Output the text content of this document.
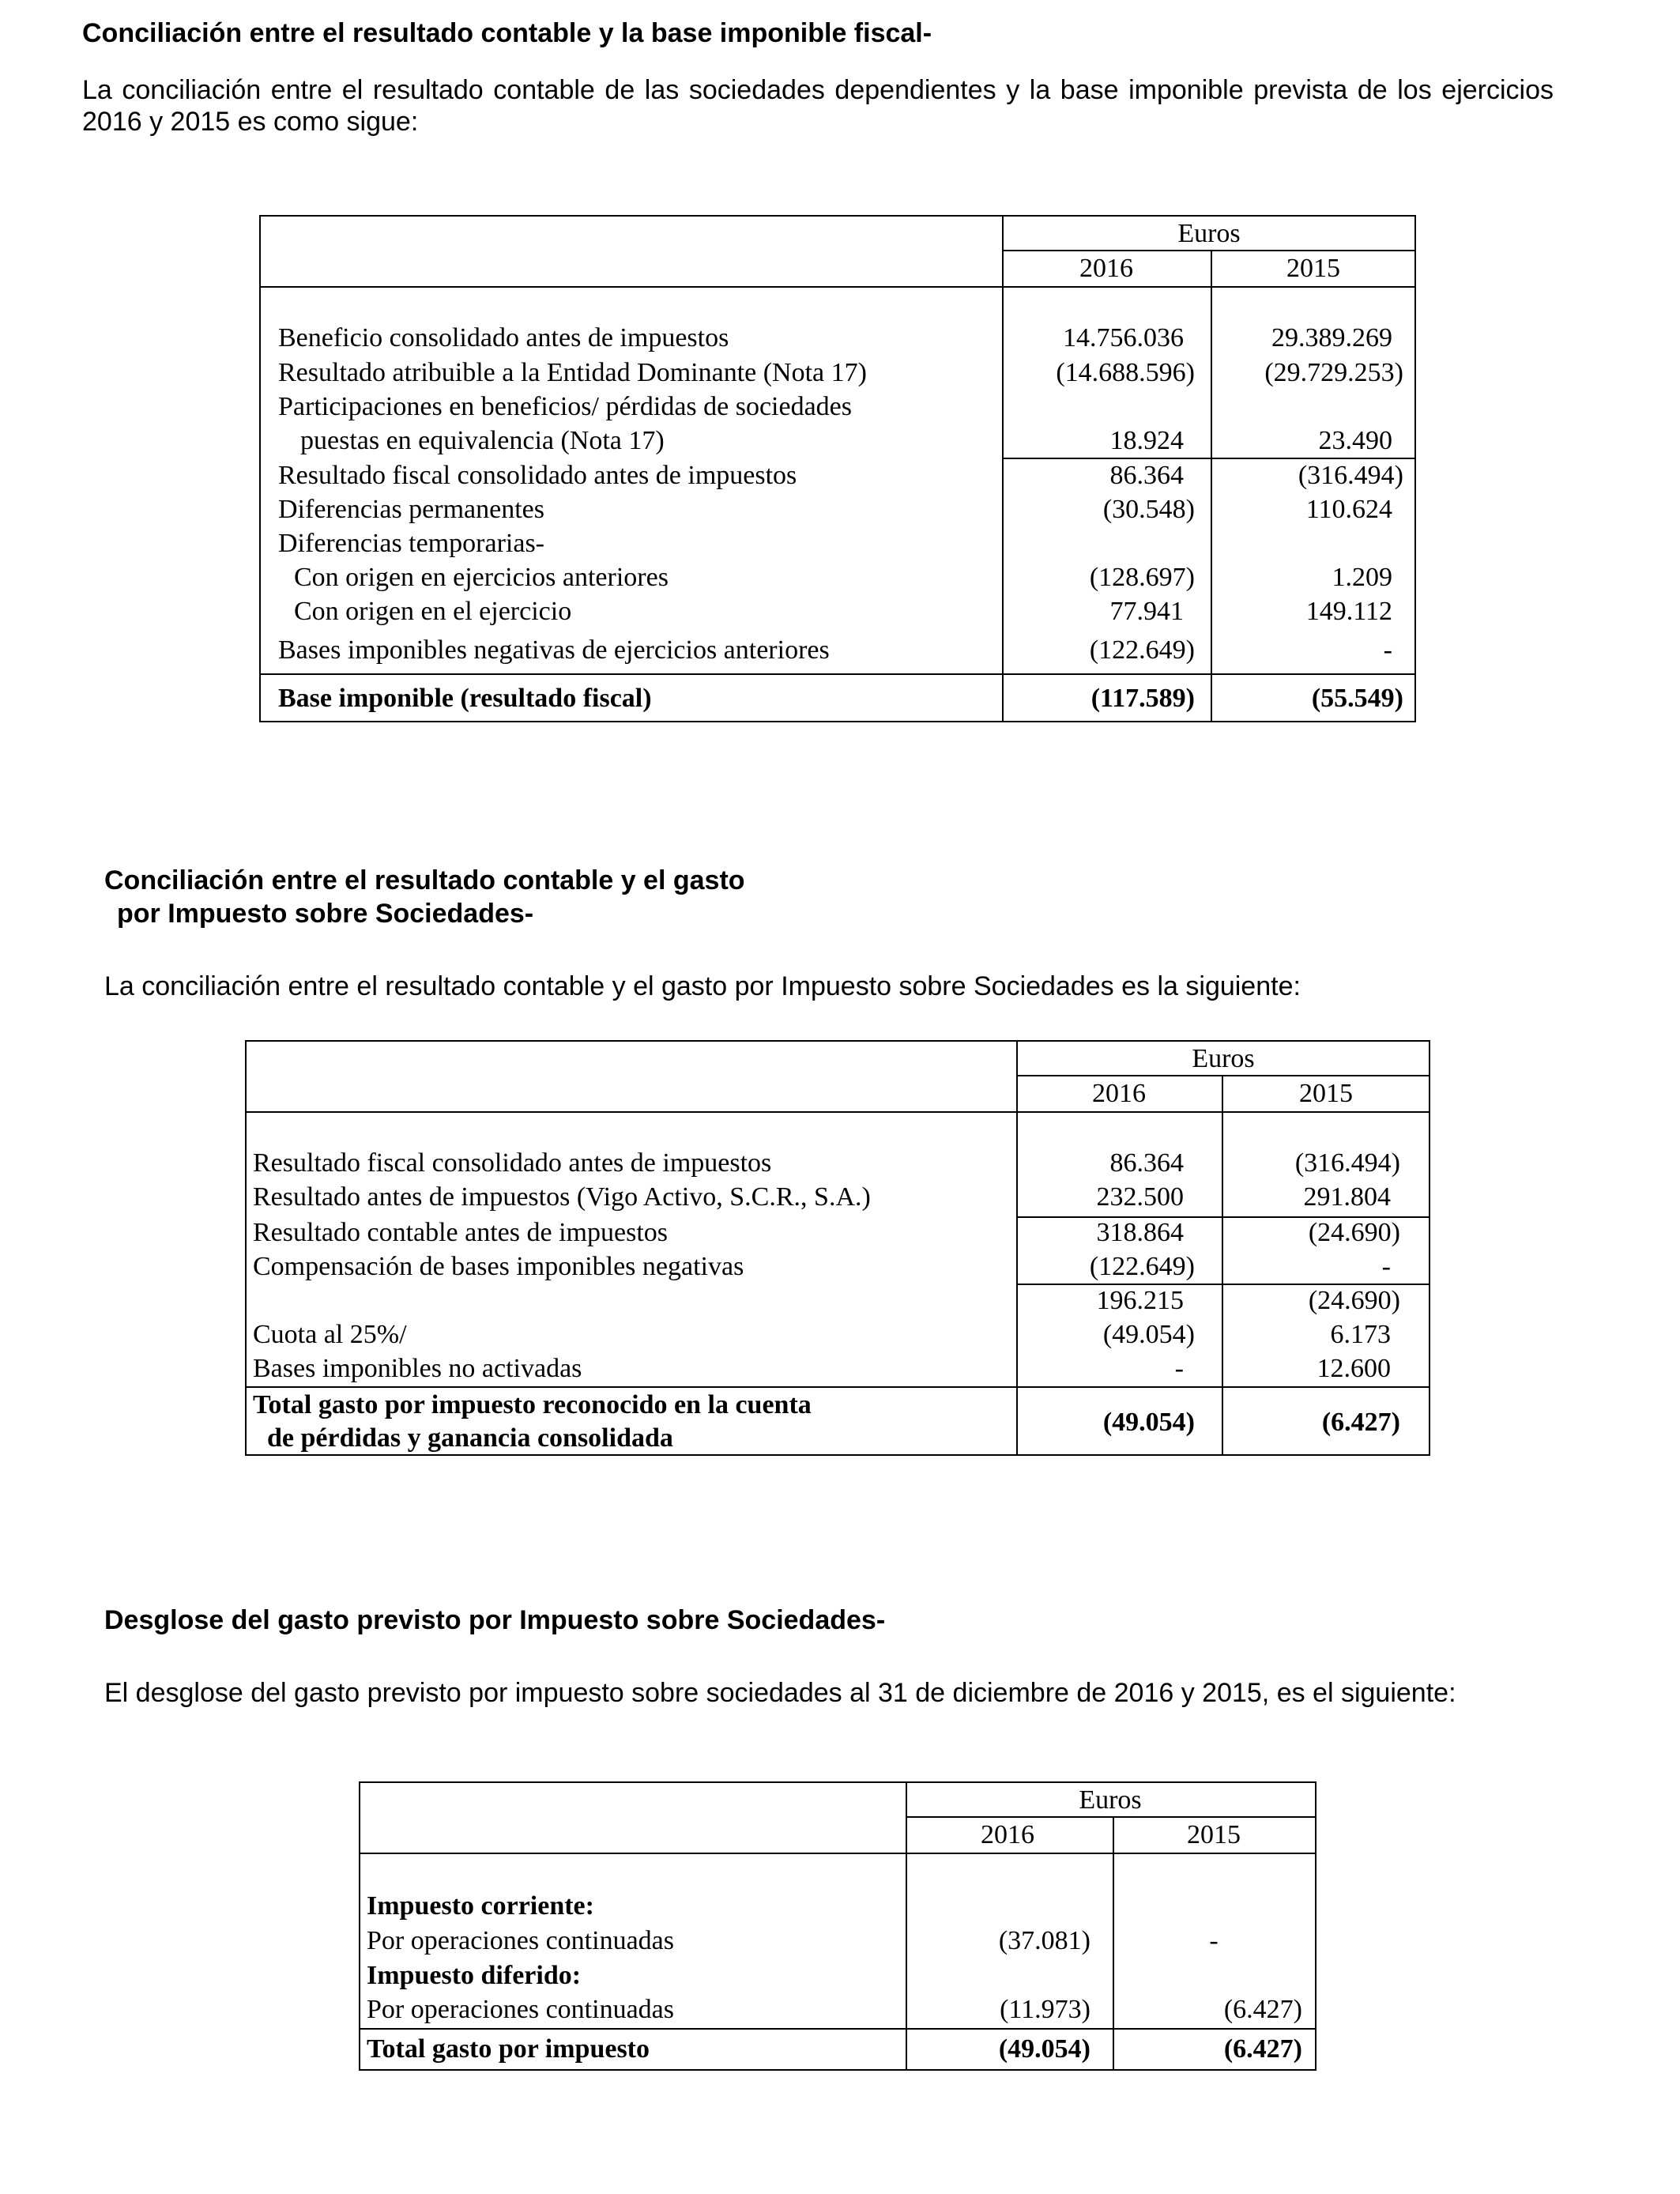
Conciliación entre el resultado contable y la base imponible fiscal-

La conciliación entre el resultado contable de las sociedades dependientes y la base imponible prevista de los ejercicios 2016 y 2015 es como sigue:

Euros
2016	2015
Beneficio consolidado antes de impuestos	14.756.036	29.389.269
Resultado atribuible a la Entidad Dominante (Nota 17)	(14.688.596)	(29.729.253)
Participaciones en beneficios/ pérdidas de sociedades
puestas en equivalencia (Nota 17)	18.924	23.490
Resultado fiscal consolidado antes de impuestos	86.364	(316.494)
Diferencias permanentes	(30.548)	110.624
Diferencias temporarias-
Con origen en ejercicios anteriores	(128.697)	1.209
Con origen en el ejercicio	77.941	149.112
Bases imponibles negativas de ejercicios anteriores	(122.649)	-
Base imponible (resultado fiscal)	(117.589)	(55.549)
Conciliación entre el resultado contable y el gasto
por Impuesto sobre Sociedades-

La conciliación entre el resultado contable y el gasto por Impuesto sobre Sociedades es la siguiente:

Euros
2016	2015
Resultado fiscal consolidado antes de impuestos	86.364	(316.494)
Resultado antes de impuestos (Vigo Activo, S.C.R., S.A.)	232.500	291.804
Resultado contable antes de impuestos	318.864	(24.690)
Compensación de bases imponibles negativas	(122.649)	-
196.215	(24.690)
Cuota al 25%/	(49.054)	6.173
Bases imponibles no activadas	-	12.600
Total gasto por impuesto reconocido en la cuenta
de pérdidas y ganancia consolidada
(49.054)	(6.427)
Desglose del gasto previsto por Impuesto sobre Sociedades-

El desglose del gasto previsto por impuesto sobre sociedades al 31 de diciembre de 2016 y 2015, es el siguiente:

Euros
2016	2015
Impuesto corriente:
Por operaciones continuadas	(37.081)	-
Impuesto diferido:
Por operaciones continuadas	(11.973)	(6.427)
Total gasto por impuesto	(49.054)	(6.427)
